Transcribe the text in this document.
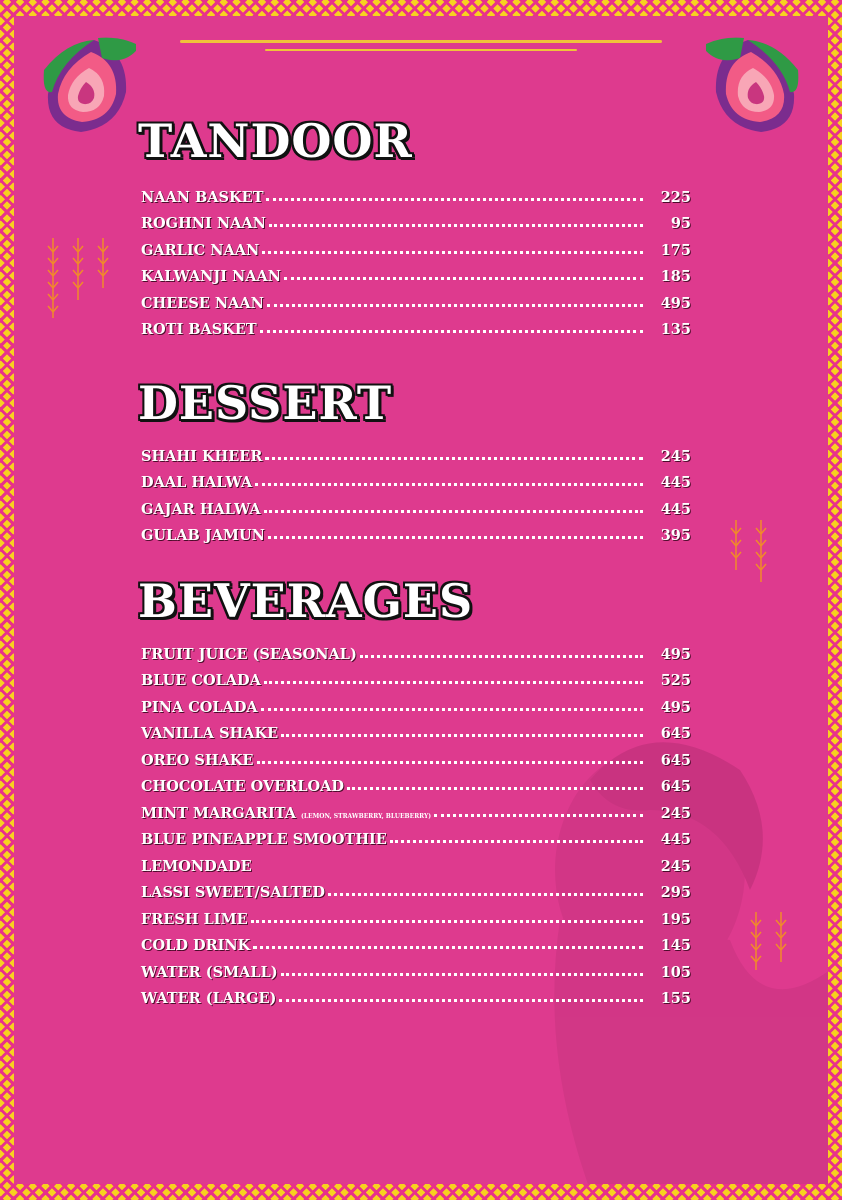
TANDOOR
NAAN BASKET	225
ROGHNI NAAN	95
GARLIC NAAN	175
KALWANJI NAAN	185
CHEESE NAAN	495
ROTI BASKET	135
DESSERT
SHAHI KHEER	245
DAAL HALWA	445
GAJAR HALWA	445
GULAB JAMUN	395
BEVERAGES
FRUIT JUICE (SEASONAL)	495
BLUE COLADA	525
PINA COLADA	495
VANILLA SHAKE	645
OREO SHAKE	645
CHOCOLATE OVERLOAD	645
MINT MARGARITA (LEMON, STRAWBERRY, BLUEBERRY)	245
BLUE PINEAPPLE SMOOTHIE	445
LEMONDADE	245
LASSI SWEET/SALTED	295
FRESH LIME	195
COLD DRINK	145
WATER (SMALL)	105
WATER (LARGE)	155
